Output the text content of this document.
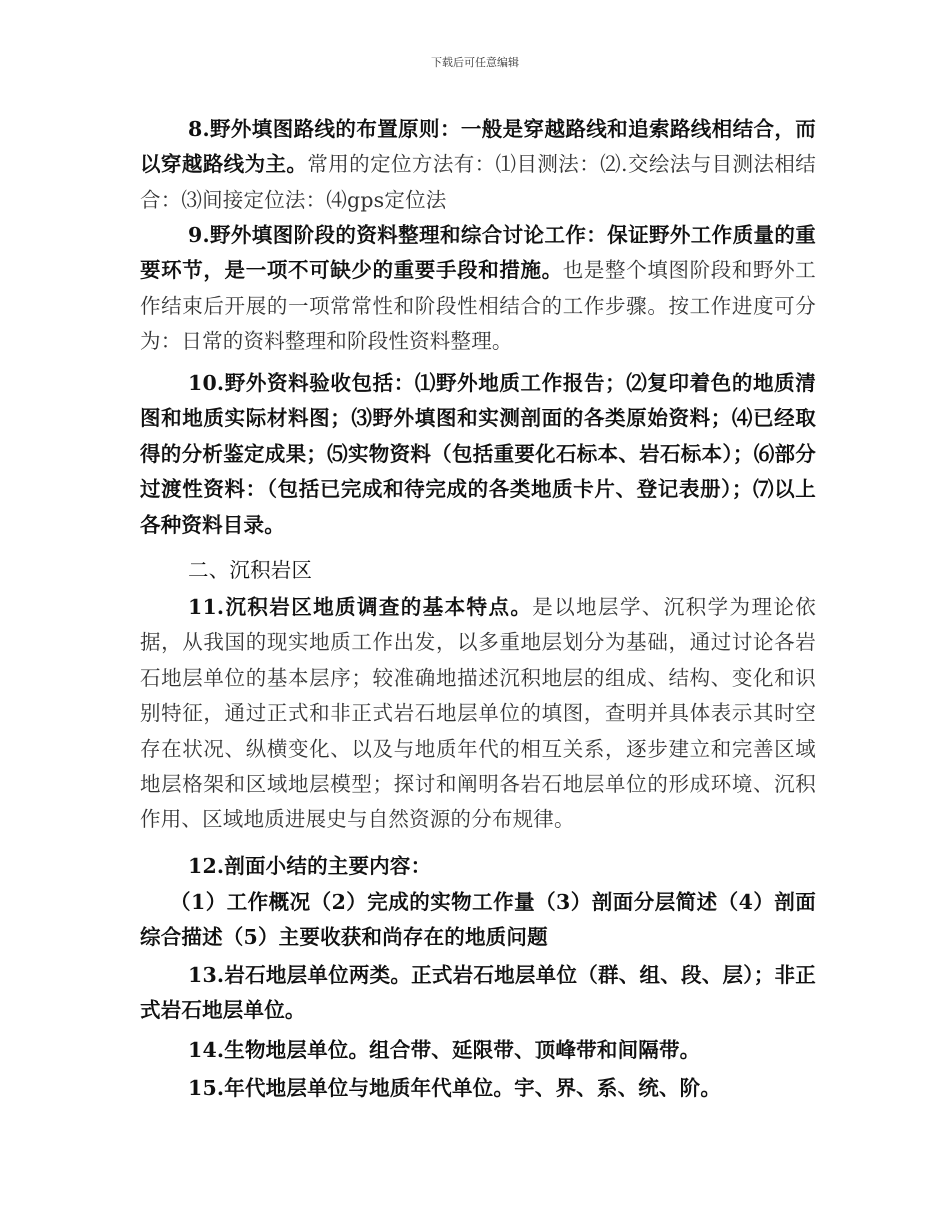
下载后可任意编辑

8.野外填图路线的布置原则：一般是穿越路线和追索路线相结合，而以穿越路线为主。常用的定位方法有：⑴目测法：⑵.交绘法与目测法相结合：⑶间接定位法：⑷gps定位法

9.野外填图阶段的资料整理和综合讨论工作：保证野外工作质量的重要环节，是一项不可缺少的重要手段和措施。也是整个填图阶段和野外工作结束后开展的一项常常性和阶段性相结合的工作步骤。按工作进度可分为：日常的资料整理和阶段性资料整理。

10.野外资料验收包括：⑴野外地质工作报告；⑵复印着色的地质清图和地质实际材料图；⑶野外填图和实测剖面的各类原始资料；⑷已经取得的分析鉴定成果；⑸实物资料（包括重要化石标本、岩石标本）；⑹部分过渡性资料：（包括已完成和待完成的各类地质卡片、登记表册）；⑺以上各种资料目录。

二、沉积岩区

11.沉积岩区地质调查的基本特点。是以地层学、沉积学为理论依据，从我国的现实地质工作出发，以多重地层划分为基础，通过讨论各岩石地层单位的基本层序；较准确地描述沉积地层的组成、结构、变化和识别特征，通过正式和非正式岩石地层单位的填图，查明并具体表示其时空存在状况、纵横变化、以及与地质年代的相互关系，逐步建立和完善区域地层格架和区域地层模型；探讨和阐明各岩石地层单位的形成环境、沉积作用、区域地质进展史与自然资源的分布规律。

12.剖面小结的主要内容：

（1）工作概况（2）完成的实物工作量（3）剖面分层简述（4）剖面综合描述（5）主要收获和尚存在的地质问题

13.岩石地层单位两类。正式岩石地层单位（群、组、段、层）；非正式岩石地层单位。

14.生物地层单位。组合带、延限带、顶峰带和间隔带。

15.年代地层单位与地质年代单位。宇、界、系、统、阶。
